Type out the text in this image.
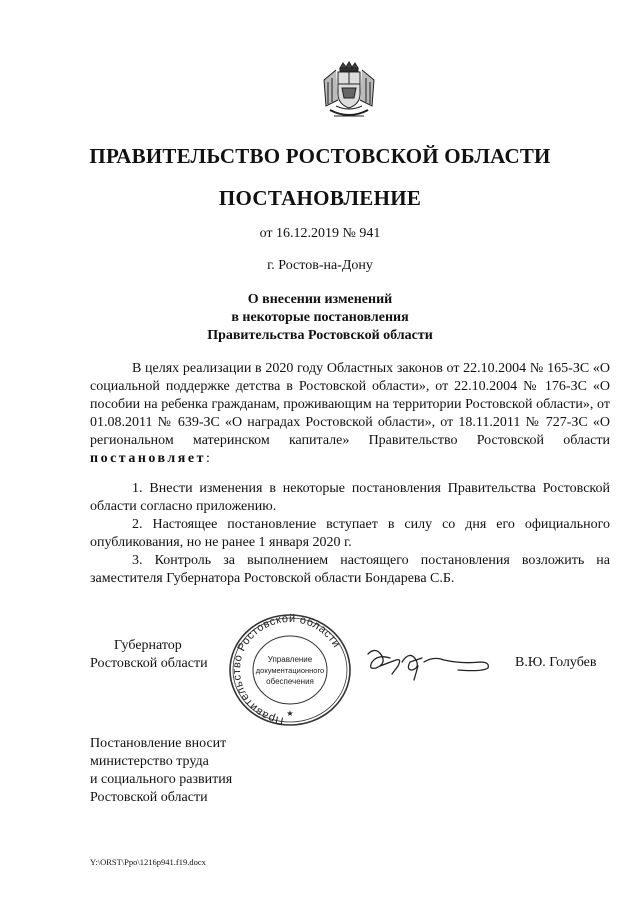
ПРАВИТЕЛЬСТВО РОСТОВСКОЙ ОБЛАСТИ
ПОСТАНОВЛЕНИЕ
от 16.12.2019 № 941
г. Ростов-на-Дону
О внесении изменений
в некоторые постановления
Правительства Ростовской области
В целях реализации в 2020 году Областных законов от 22.10.2004 № 165-ЗС «О социальной поддержке детства в Ростовской области», от 22.10.2004 № 176-ЗС «О пособии на ребенка гражданам, проживающим на территории Ростовской области», от 01.08.2011 № 639-ЗС «О наградах Ростовской области», от 18.11.2011 № 727-ЗС «О региональном материнском капитале» Правительство Ростовской области постановляет:

1. Внести изменения в некоторые постановления Правительства Ростовской области согласно приложению.

2. Настоящее постановление вступает в силу со дня его официального опубликования, но не ранее 1 января 2020 г.

3. Контроль за выполнением настоящего постановления возложить на заместителя Губернатора Ростовской области Бондарева С.Б.

Губернатор
Ростовской области
Правительство Ростовской области
Управление
документационного
обеспечения
★
В.Ю. Голубев
Постановление вносит
министерство труда
и социального развития
Ростовской области
Y:\ORST\Ppo\1216p941.f19.docx
